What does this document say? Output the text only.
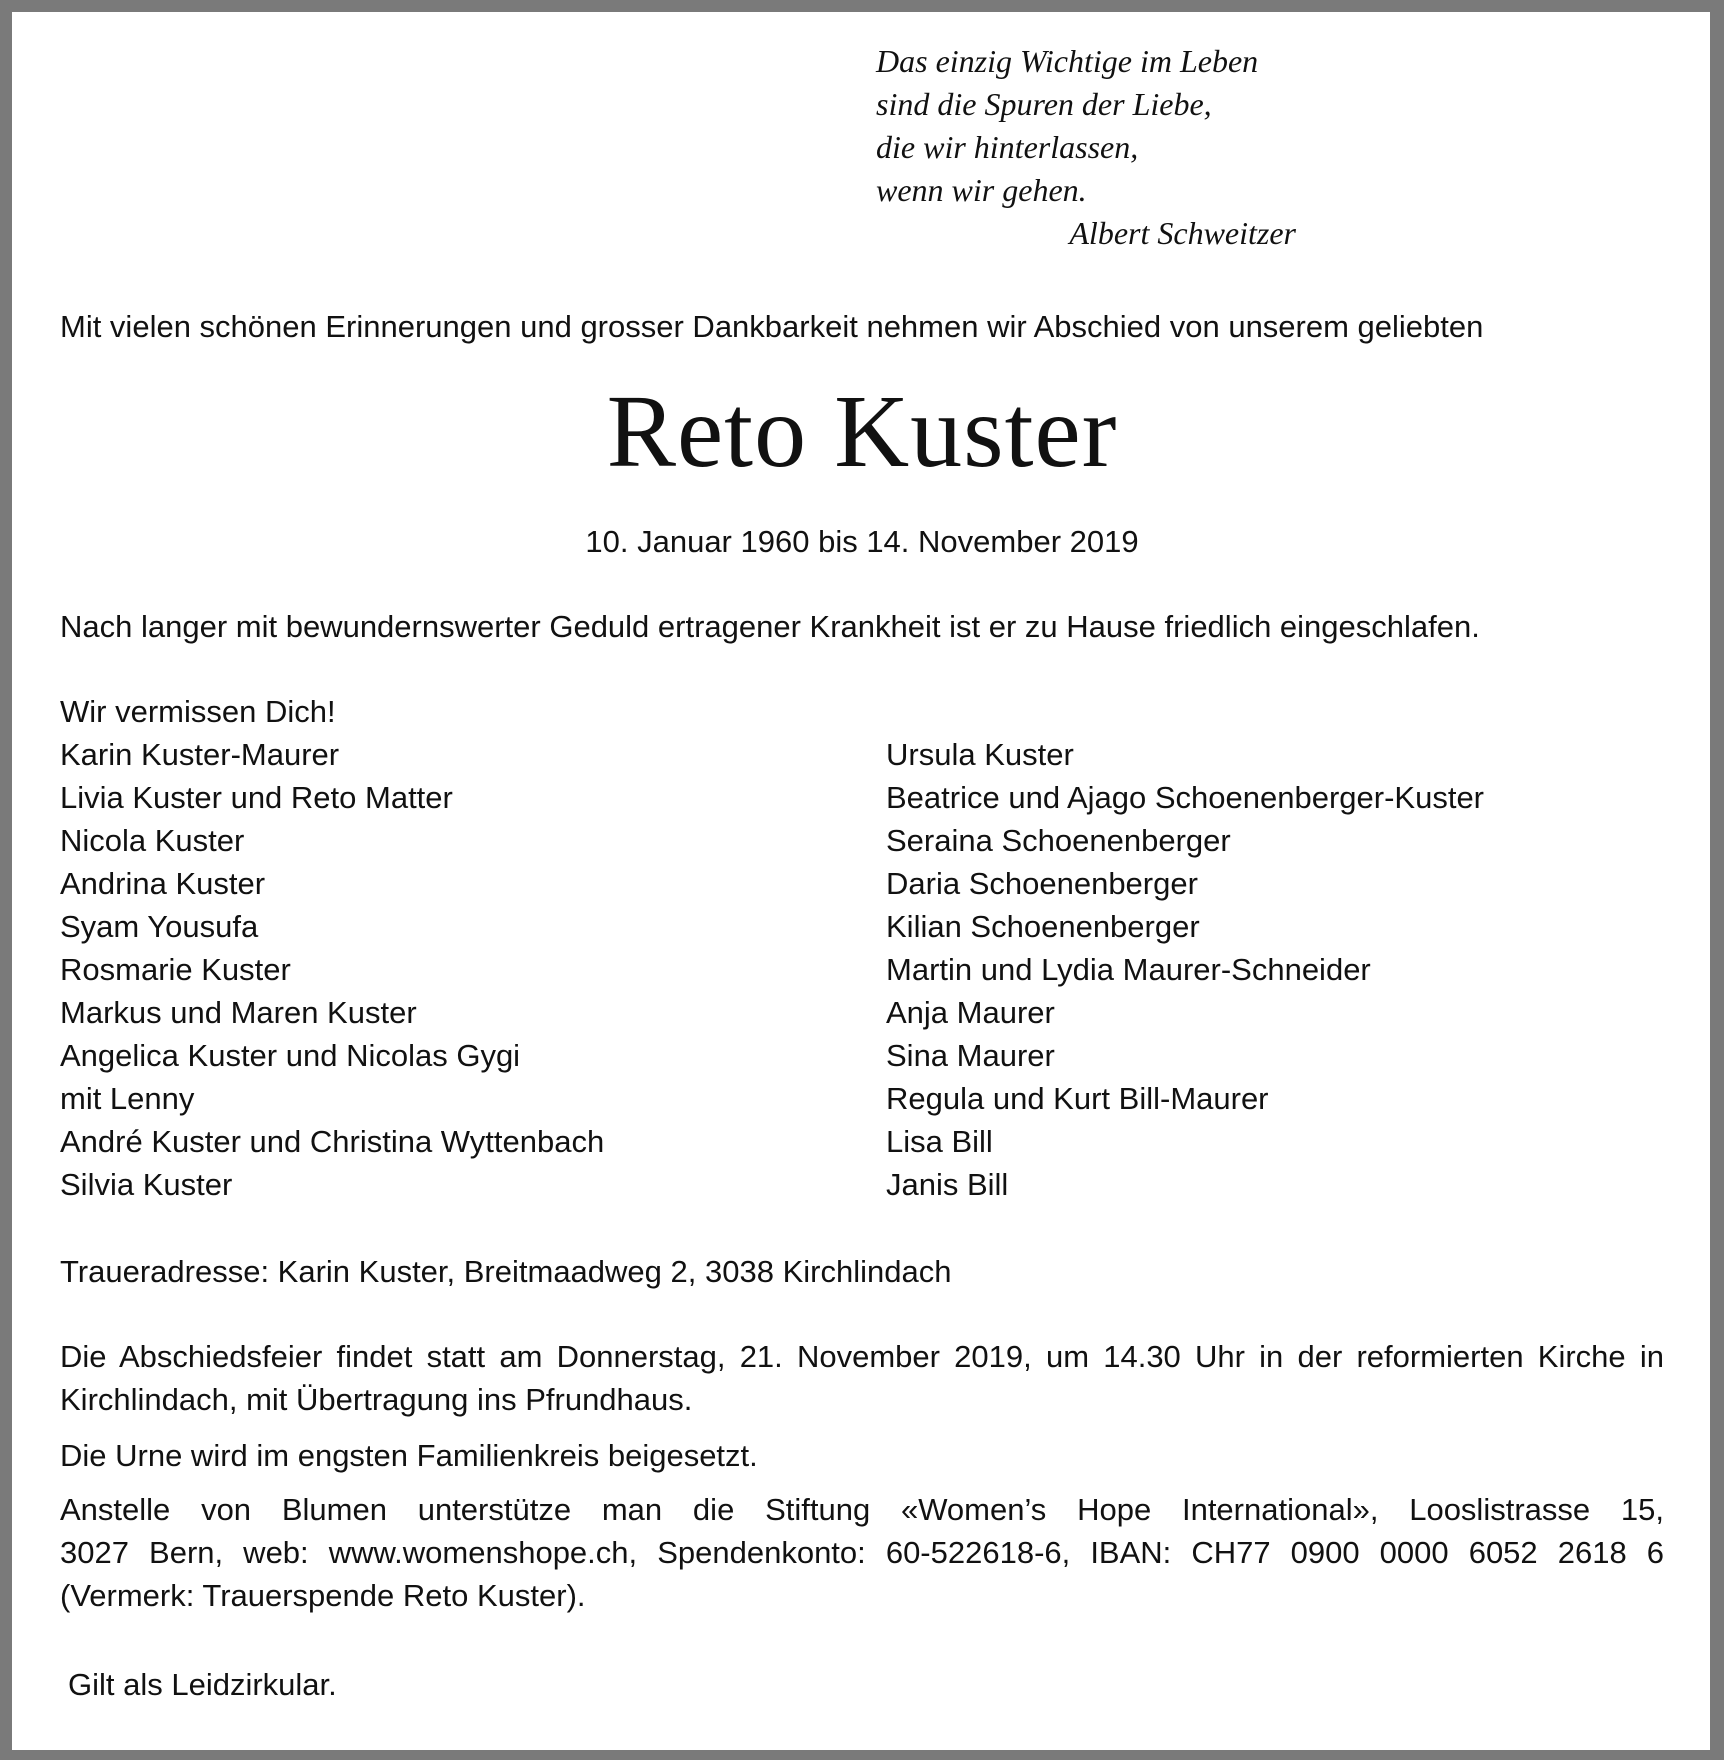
Das einzig Wichtige im Leben
sind die Spuren der Liebe,
die wir hinterlassen,
wenn wir gehen.
Albert Schweitzer
Mit vielen schönen Erinnerungen und grosser Dankbarkeit nehmen wir Abschied von unserem geliebten
Reto Kuster
10. Januar 1960 bis 14. November 2019
Nach langer mit bewundernswerter Geduld ertragener Krankheit ist er zu Hause friedlich eingeschlafen.
Wir vermissen Dich!
Karin Kuster-Maurer
Livia Kuster und Reto Matter
Nicola Kuster
Andrina Kuster
Syam Yousufa
Rosmarie Kuster
Markus und Maren Kuster
Angelica Kuster und Nicolas Gygi
mit Lenny
André Kuster und Christina Wyttenbach
Silvia Kuster
Ursula Kuster
Beatrice und Ajago Schoenenberger-Kuster
Seraina Schoenenberger
Daria Schoenenberger
Kilian Schoenenberger
Martin und Lydia Maurer-Schneider
Anja Maurer
Sina Maurer
Regula und Kurt Bill-Maurer
Lisa Bill
Janis Bill
Traueradresse: Karin Kuster, Breitmaadweg 2, 3038 Kirchlindach
Die Abschiedsfeier findet statt am Donnerstag, 21. November 2019, um 14.30 Uhr in der reformierten Kirche in Kirchlindach, mit Übertragung ins Pfrundhaus.
Die Urne wird im engsten Familienkreis beigesetzt.
Anstelle von Blumen unterstütze man die Stiftung «Women’s Hope International», Looslistrasse 15,
3027 Bern, web: www.womenshope.ch, Spendenkonto: 60-522618-6, IBAN: CH77 0900 0000 6052 2618 6
(Vermerk: Trauerspende Reto Kuster).
Gilt als Leidzirkular.
